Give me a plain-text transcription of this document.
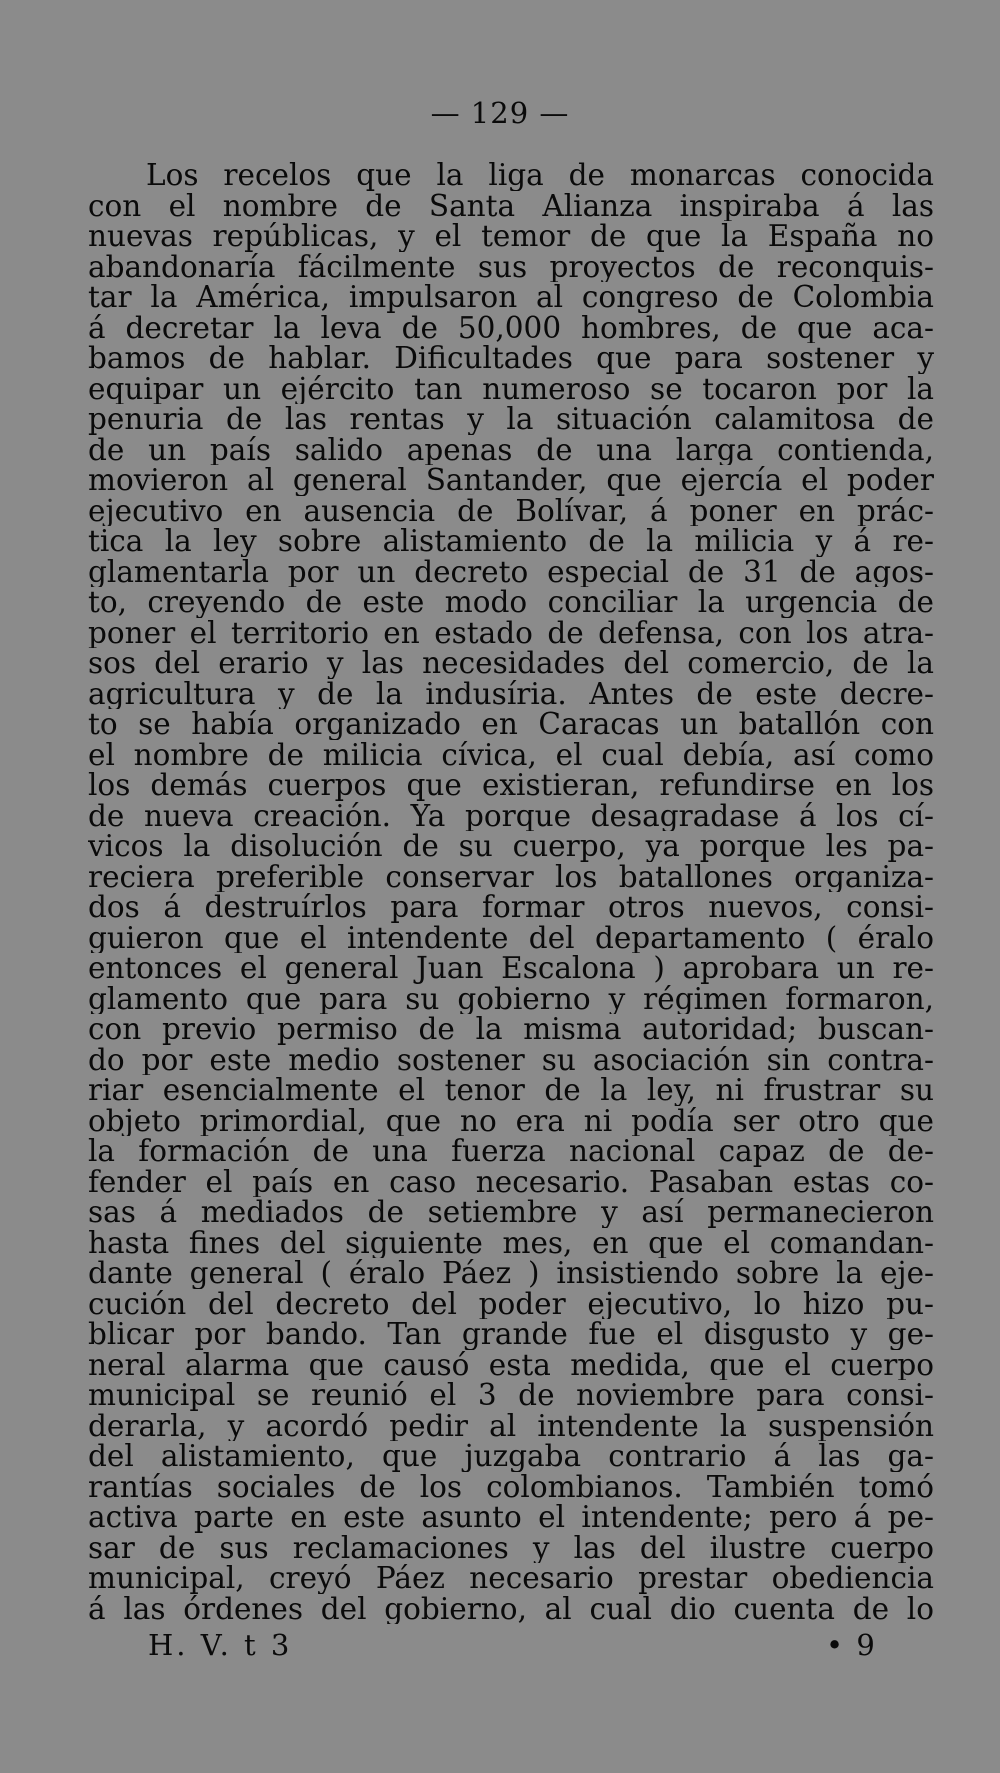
— 129 —
Los recelos que la liga de monarcas conocida
con el nombre de Santa Alianza inspiraba á las
nuevas repúblicas, y el temor de que la España no
abandonaría fácilmente sus proyectos de reconquis-
tar la América, impulsaron al congreso de Colombia
á decretar la leva de 50,000 hombres, de que aca-
bamos de hablar. Dificultades que para sostener y
equipar un ejército tan numeroso se tocaron por la
penuria de las rentas y la situación calamitosa de
de un país salido apenas de una larga contienda,
movieron al general Santander, que ejercía el poder
ejecutivo en ausencia de Bolívar, á poner en prác-
tica la ley sobre alistamiento de la milicia y á re-
glamentarla por un decreto especial de 31 de agos-
to, creyendo de este modo conciliar la urgencia de
poner el territorio en estado de defensa, con los atra-
sos del erario y las necesidades del comercio, de la
agricultura y de la indusíria. Antes de este decre-
to se había organizado en Caracas un batallón con
el nombre de milicia cívica, el cual debía, así como
los demás cuerpos que existieran, refundirse en los
de nueva creación. Ya porque desagradase á los cí-
vicos la disolución de su cuerpo, ya porque les pa-
reciera preferible conservar los batallones organiza-
dos á destruírlos para formar otros nuevos, consi-
guieron que el intendente del departamento ( éralo
entonces el general Juan Escalona ) aprobara un re-
glamento que para su gobierno y régimen formaron,
con previo permiso de la misma autoridad; buscan-
do por este medio sostener su asociación sin contra-
riar esencialmente el tenor de la ley, ni frustrar su
objeto primordial, que no era ni podía ser otro que
la formación de una fuerza nacional capaz de de-
fender el país en caso necesario. Pasaban estas co-
sas á mediados de setiembre y así permanecieron
hasta fines del siguiente mes, en que el comandan-
dante general ( éralo Páez ) insistiendo sobre la eje-
cución del decreto del poder ejecutivo, lo hizo pu-
blicar por bando. Tan grande fue el disgusto y ge-
neral alarma que causó esta medida, que el cuerpo
municipal se reunió el 3 de noviembre para consi-
derarla, y acordó pedir al intendente la suspensión
del alistamiento, que juzgaba contrario á las ga-
rantías sociales de los colombianos. También tomó
activa parte en este asunto el intendente; pero á pe-
sar de sus reclamaciones y las del ilustre cuerpo
municipal, creyó Páez necesario prestar obediencia
á las órdenes del gobierno, al cual dio cuenta de lo
H. V. t 3	• 9
